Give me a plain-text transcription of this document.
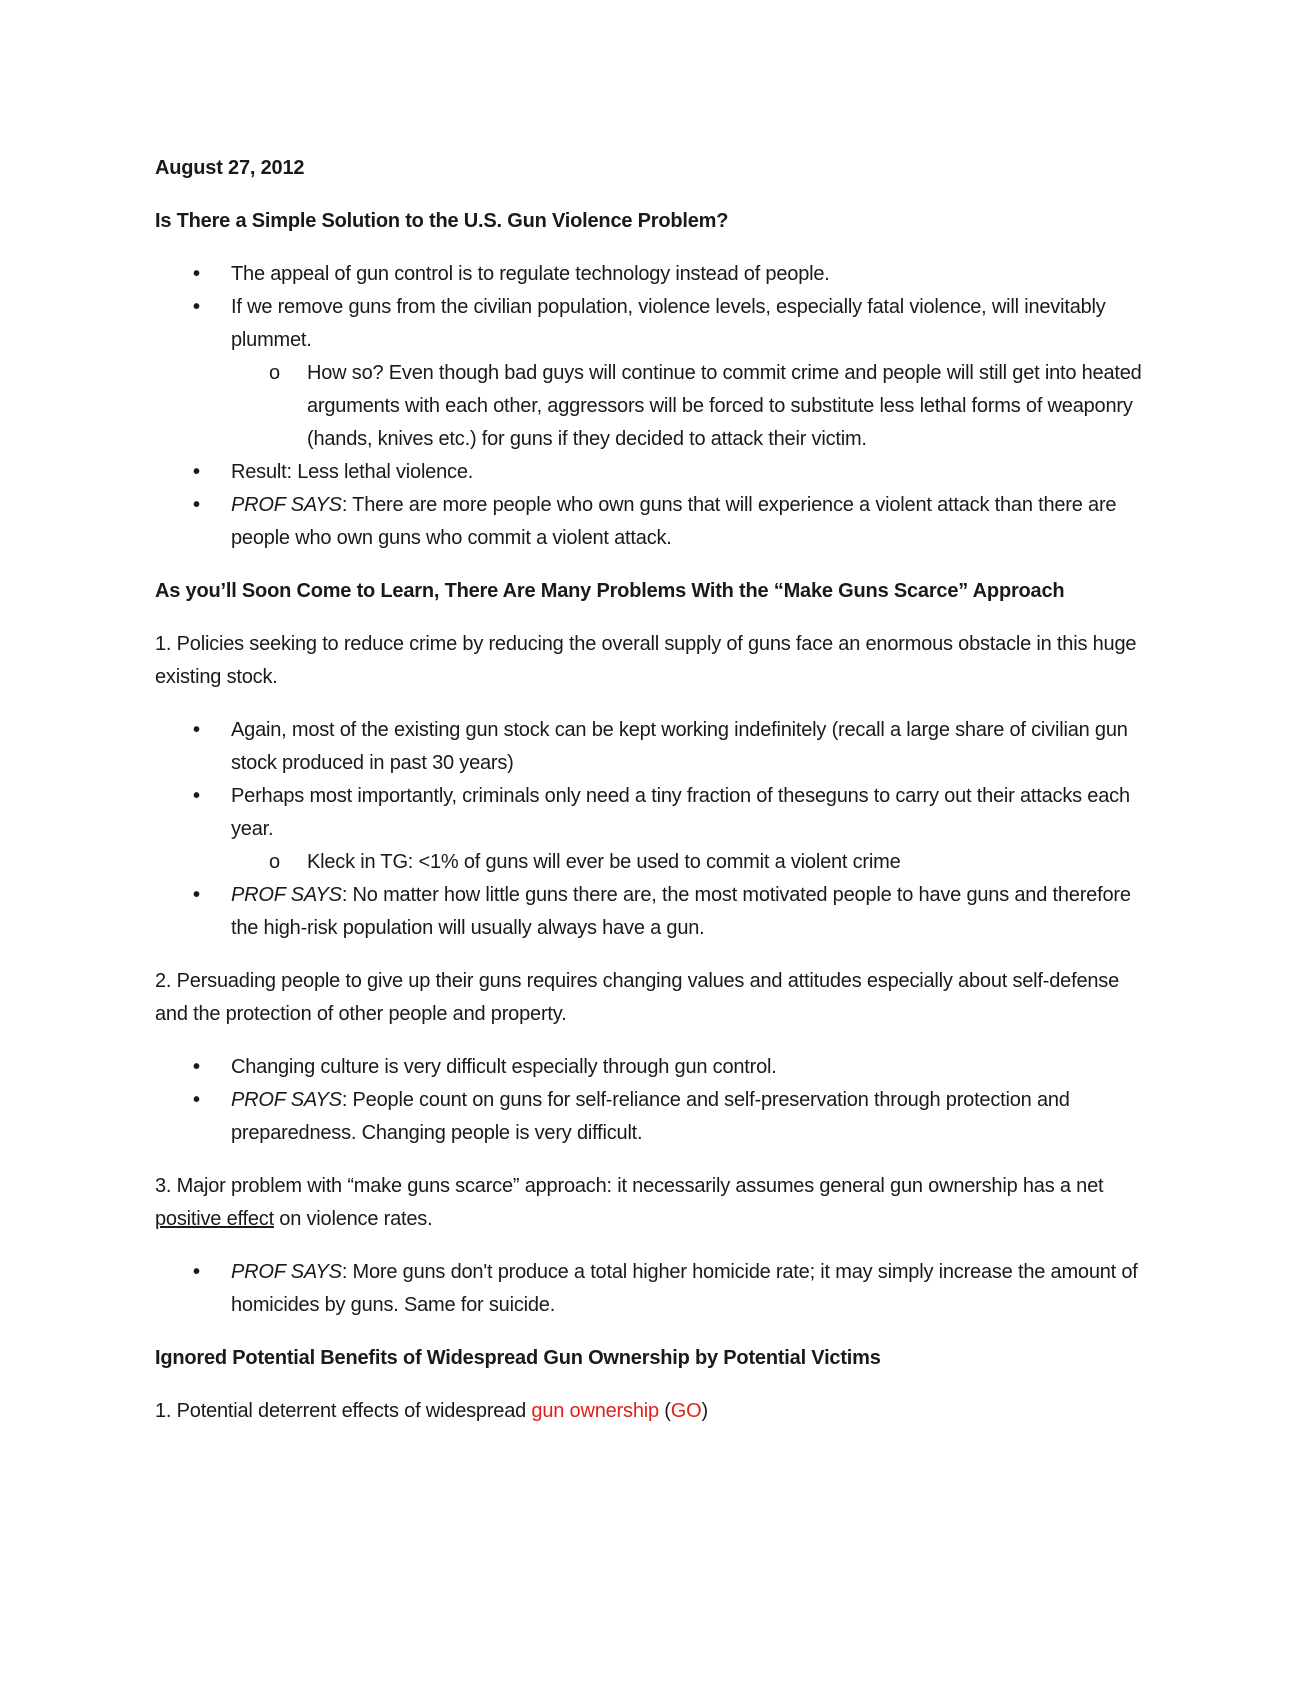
August 27, 2012

Is There a Simple Solution to the U.S. Gun Violence Problem?

• The appeal of gun control is to regulate technology instead of people.
• If we remove guns from the civilian population, violence levels, especially fatal violence, will inevitably plummet.
o How so? Even though bad guys will continue to commit crime and people will still get into heated arguments with each other, aggressors will be forced to substitute less lethal forms of weaponry (hands, knives etc.) for guns if they decided to attack their victim.
• Result: Less lethal violence.
• PROF SAYS: There are more people who own guns that will experience a violent attack than there are people who own guns who commit a violent attack.

As you’ll Soon Come to Learn, There Are Many Problems With the “Make Guns Scarce” Approach

1. Policies seeking to reduce crime by reducing the overall supply of guns face an enormous obstacle in this huge existing stock.

• Again, most of the existing gun stock can be kept working indefinitely (recall a large share of civilian gun stock produced in past 30 years)
• Perhaps most importantly, criminals only need a tiny fraction of theseguns to carry out their attacks each year.
o Kleck in TG: <1% of guns will ever be used to commit a violent crime
• PROF SAYS: No matter how little guns there are, the most motivated people to have guns and therefore the high-risk population will usually always have a gun.

2. Persuading people to give up their guns requires changing values and attitudes especially about self-defense and the protection of other people and property.

• Changing culture is very difficult especially through gun control.
• PROF SAYS: People count on guns for self-reliance and self-preservation through protection and preparedness. Changing people is very difficult.

3. Major problem with “make guns scarce” approach: it necessarily assumes general gun ownership has a net positive effect on violence rates.

• PROF SAYS: More guns don't produce a total higher homicide rate; it may simply increase the amount of homicides by guns. Same for suicide.

Ignored Potential Benefits of Widespread Gun Ownership by Potential Victims

1. Potential deterrent effects of widespread gun ownership (GO)
